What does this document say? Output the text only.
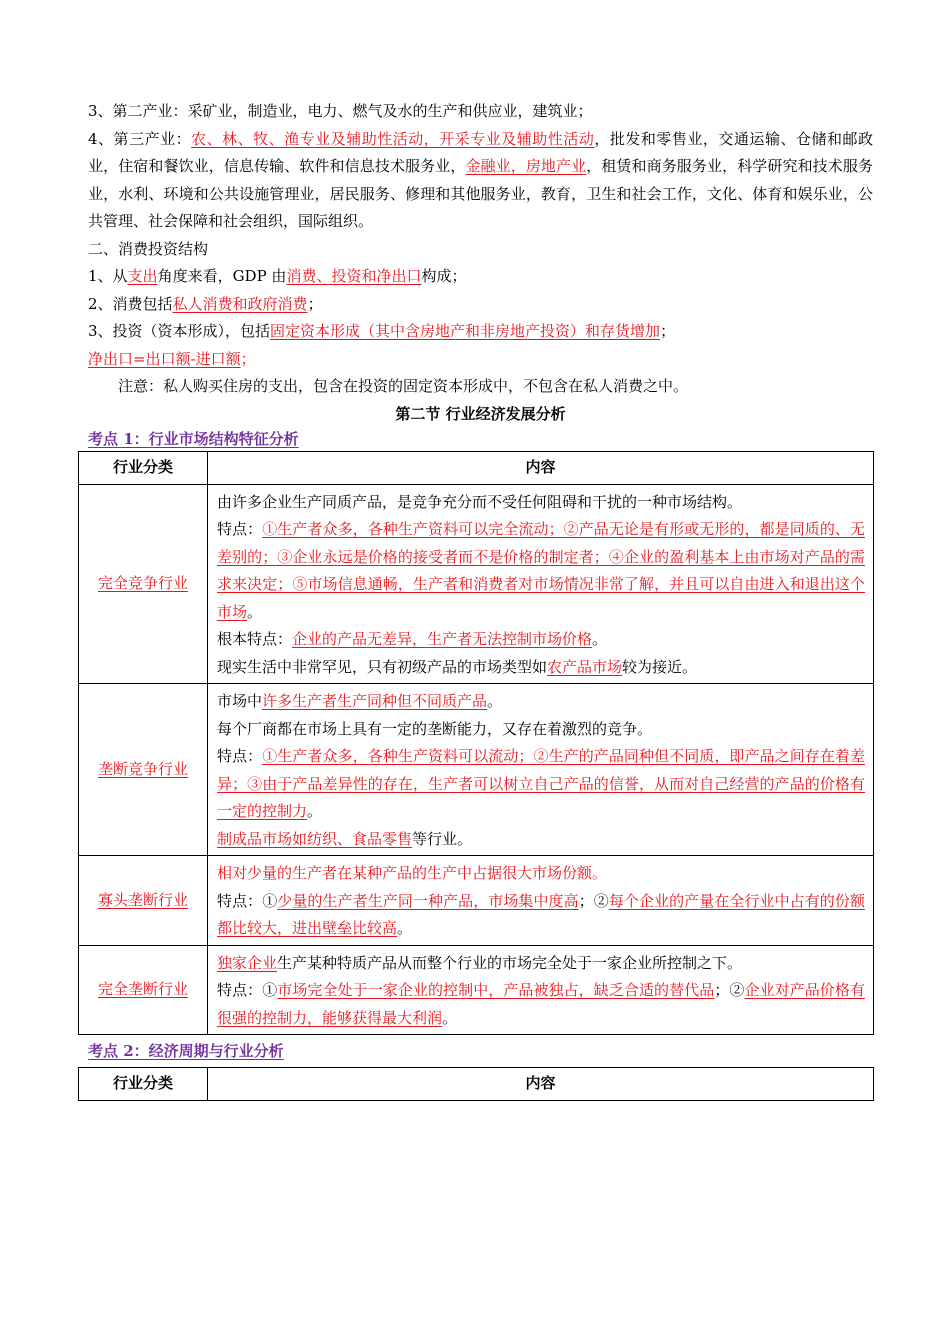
3、第二产业：采矿业，制造业，电力、燃气及水的生产和供应业，建筑业；
4、第三产业：农、林、牧、渔专业及辅助性活动，开采专业及辅助性活动，批发和零售业，交通运输、仓储和邮政业，住宿和餐饮业，信息传输、软件和信息技术服务业，金融业，房地产业，租赁和商务服务业，科学研究和技术服务业，水利、环境和公共设施管理业，居民服务、修理和其他服务业，教育，卫生和社会工作，文化、体育和娱乐业，公共管理、社会保障和社会组织，国际组织。
二、消费投资结构
1、从支出角度来看，GDP 由消费、投资和净出口构成；
2、消费包括私人消费和政府消费；
3、投资（资本形成），包括固定资本形成（其中含房地产和非房地产投资）和存货增加；
净出口=出口额-进口额；
注意：私人购买住房的支出，包含在投资的固定资本形成中，不包含在私人消费之中。
第二节 行业经济发展分析
考点 1：行业市场结构特征分析
行业分类	内容
完全竞争行业	由许多企业生产同质产品，是竞争充分而不受任何阻碍和干扰的一种市场结构。
特点：①生产者众多，各种生产资料可以完全流动；②产品无论是有形或无形的，都是同质的、无差别的；③企业永远是价格的接受者而不是价格的制定者；④企业的盈利基本上由市场对产品的需求来决定；⑤市场信息通畅，生产者和消费者对市场情况非常了解，并且可以自由进入和退出这个市场。
根本特点：企业的产品无差异，生产者无法控制市场价格。
现实生活中非常罕见，只有初级产品的市场类型如农产品市场较为接近。

垄断竞争行业	市场中许多生产者生产同种但不同质产品。
每个厂商都在市场上具有一定的垄断能力，又存在着激烈的竞争。
特点：①生产者众多，各种生产资料可以流动；②生产的产品同种但不同质，即产品之间存在着差异；③由于产品差异性的存在，生产者可以树立自己产品的信誉，从而对自己经营的产品的价格有一定的控制力。
制成品市场如纺织、食品零售等行业。

寡头垄断行业	相对少量的生产者在某种产品的生产中占据很大市场份额。
特点：①少量的生产者生产同一种产品，市场集中度高；②每个企业的产量在全行业中占有的份额都比较大，进出壁垒比较高。

完全垄断行业	独家企业生产某种特质产品从而整个行业的市场完全处于一家企业所控制之下。
特点：①市场完全处于一家企业的控制中，产品被独占，缺乏合适的替代品；②企业对产品价格有很强的控制力，能够获得最大利润。
考点 2：经济周期与行业分析
行业分类	内容
